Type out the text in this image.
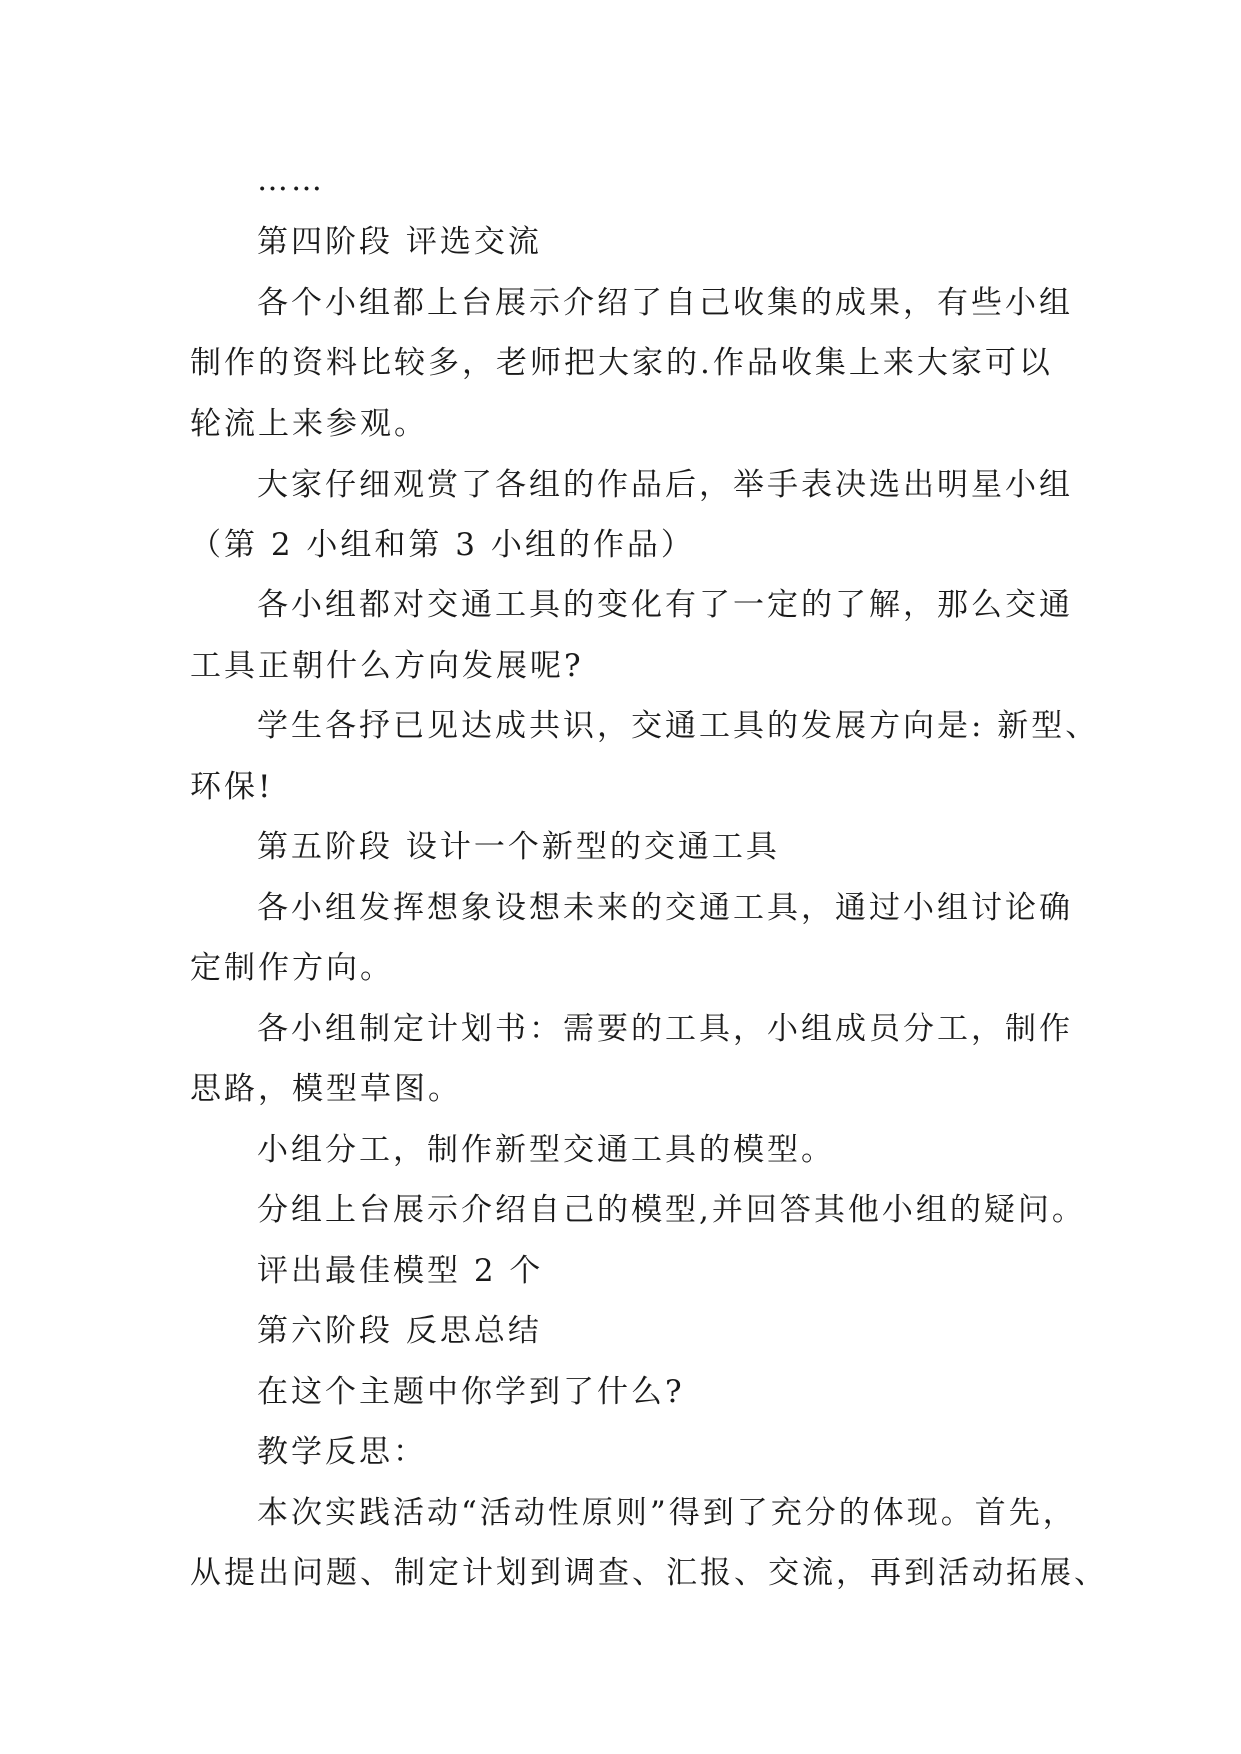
……
第四阶段 评选交流
各个小组都上台展示介绍了自己收集的成果，有些小组
制作的资料比较多，老师把大家的.作品收集上来大家可以
轮流上来参观。
大家仔细观赏了各组的作品后，举手表决选出明星小组
（第 2 小组和第 3 小组的作品）
各小组都对交通工具的变化有了一定的了解，那么交通
工具正朝什么方向发展呢?
学生各抒已见达成共识，交通工具的发展方向是: 新型、
环保!
第五阶段 设计一个新型的交通工具
各小组发挥想象设想未来的交通工具，通过小组讨论确
定制作方向。
各小组制定计划书：需要的工具，小组成员分工，制作
思路，模型草图。
小组分工，制作新型交通工具的模型。
分组上台展示介绍自己的模型,并回答其他小组的疑问。
评出最佳模型 2 个
第六阶段 反思总结
在这个主题中你学到了什么?
教学反思：
本次实践活动“活动性原则”得到了充分的体现。首先，
从提出问题、制定计划到调查、汇报、交流，再到活动拓展、
